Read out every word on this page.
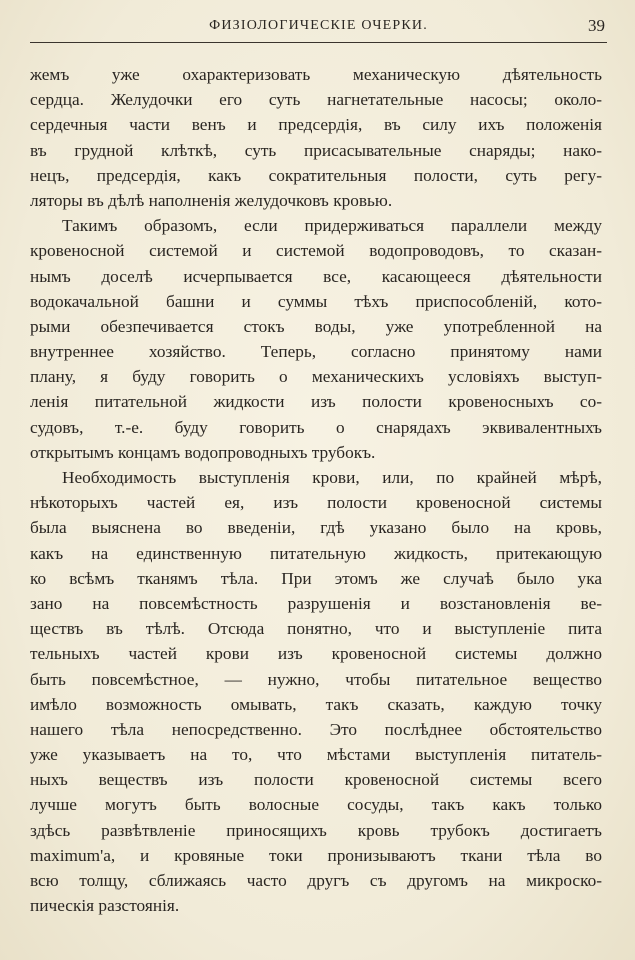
ФИЗІОЛОГИЧЕСКІЕ ОЧЕРКИ.	39
жемъ уже охарактеризовать механическую дѣятельность
сердца. Желудочки его суть нагнетательные насосы; около-
сердечныя части венъ и предсердія, въ силу ихъ положенія
въ грудной клѣткѣ, суть присасывательные снаряды; нако-
нецъ, предсердія, какъ сократительныя полости, суть регу-
ляторы въ дѣлѣ наполненія желудочковъ кровью.
Такимъ образомъ, если придерживаться параллели между
кровеносной системой и системой водопроводовъ, то сказан-
нымъ доселѣ исчерпывается все, касающееся дѣятельности
водокачальной башни и суммы тѣхъ приспособленій, кото-
рыми обезпечивается стокъ воды, уже употребленной на
внутреннее хозяйство. Теперь, согласно принятому нами
плану, я буду говорить о механическихъ условіяхъ выступ-
ленія питательной жидкости изъ полости кровеносныхъ со-
судовъ, т.-е. буду говорить о снарядахъ эквивалентныхъ
открытымъ концамъ водопроводныхъ трубокъ.
Необходимость выступленія крови, или, по крайней мѣрѣ,
нѣкоторыхъ частей ея, изъ полости кровеносной системы
была выяснена во введеніи, гдѣ указано было на кровь,
какъ на единственную питательную жидкость, притекающую
ко всѣмъ тканямъ тѣла. При этомъ же случаѣ было ука
зано на повсемѣстность разрушенія и возстановленія ве-
ществъ въ тѣлѣ. Отсюда понятно, что и выступленіе пита
тельныхъ частей крови изъ кровеносной системы должно
быть повсемѣстное, — нужно, чтобы питательное вещество
имѣло возможность омывать, такъ сказать, каждую точку
нашего тѣла непосредственно. Это послѣднее обстоятельство
уже указываетъ на то, что мѣстами выступленія питатель-
ныхъ веществъ изъ полости кровеносной системы всего
лучше могутъ быть волосные сосуды, такъ какъ только
здѣсь развѣтвленіе приносящихъ кровь трубокъ достигаетъ
maximum'а, и кровяные токи пронизываютъ ткани тѣла во
всю толщу, сближаясь часто другъ съ другомъ на микроско-
пическія разстоянія.
